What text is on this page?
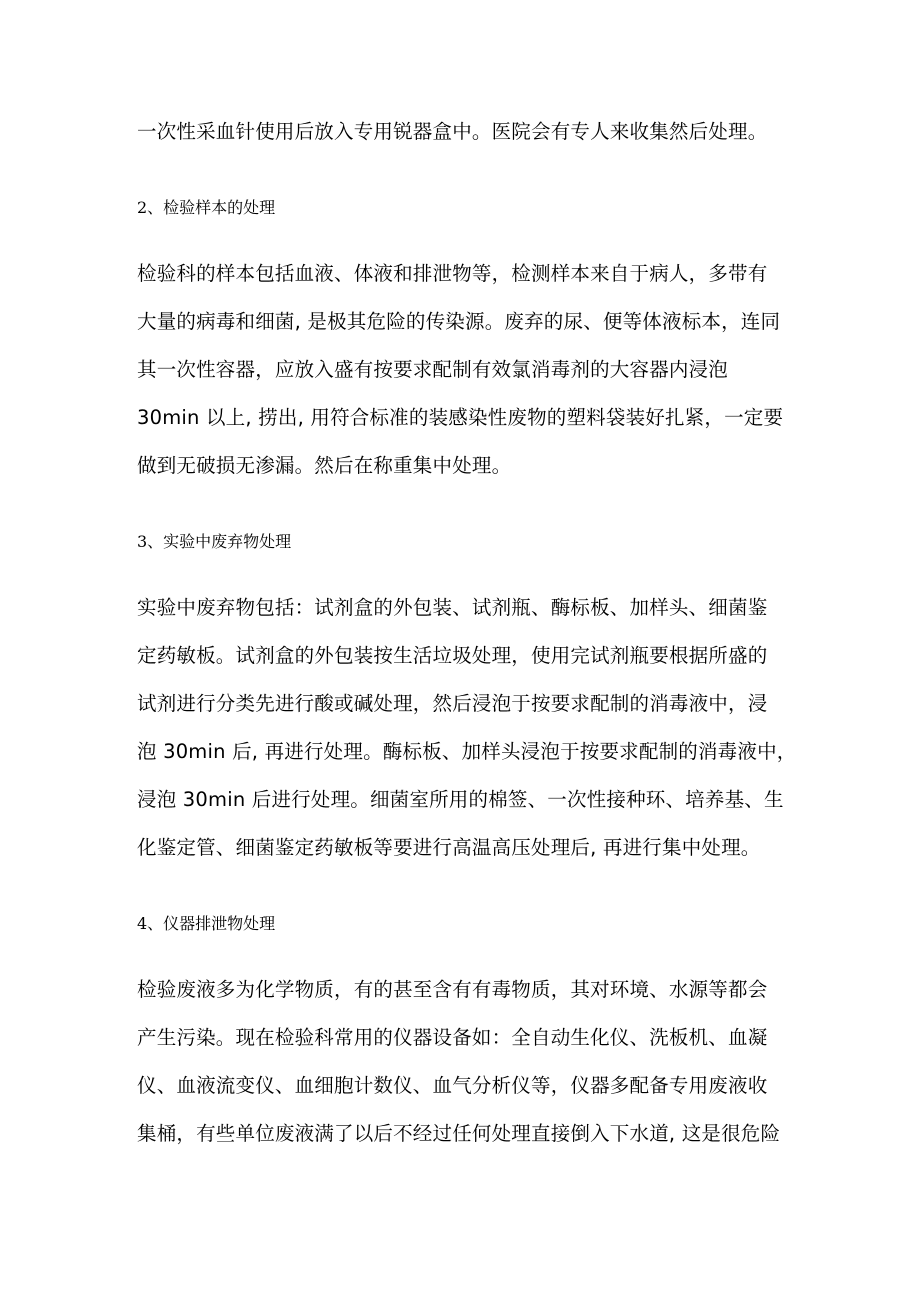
一次性采血针使用后放入专用锐器盒中。医院会有专人来收集然后处理。
2、检验样本的处理
检验科的样本包括血液、体液和排泄物等，检测样本来自于病人，多带有
大量的病毒和细菌, 是极其危险的传染源。废弃的尿、便等体液标本，连同
其一次性容器，应放入盛有按要求配制有效氯消毒剂的大容器内浸泡
30min 以上, 捞出, 用符合标准的装感染性废物的塑料袋装好扎紧，一定要
做到无破损无渗漏。然后在称重集中处理。
3、实验中废弃物处理
实验中废弃物包括：试剂盒的外包装、试剂瓶、酶标板、加样头、细菌鉴
定药敏板。试剂盒的外包装按生活垃圾处理，使用完试剂瓶要根据所盛的
试剂进行分类先进行酸或碱处理，然后浸泡于按要求配制的消毒液中，浸
泡 30min 后, 再进行处理。酶标板、加样头浸泡于按要求配制的消毒液中，
浸泡 30min 后进行处理。细菌室所用的棉签、一次性接种环、培养基、生
化鉴定管、细菌鉴定药敏板等要进行高温高压处理后, 再进行集中处理。
4、仪器排泄物处理
检验废液多为化学物质，有的甚至含有有毒物质，其对环境、水源等都会
产生污染。现在检验科常用的仪器设备如：全自动生化仪、洗板机、血凝
仪、血液流变仪、血细胞计数仪、血气分析仪等，仪器多配备专用废液收
集桶，有些单位废液满了以后不经过任何处理直接倒入下水道, 这是很危险
